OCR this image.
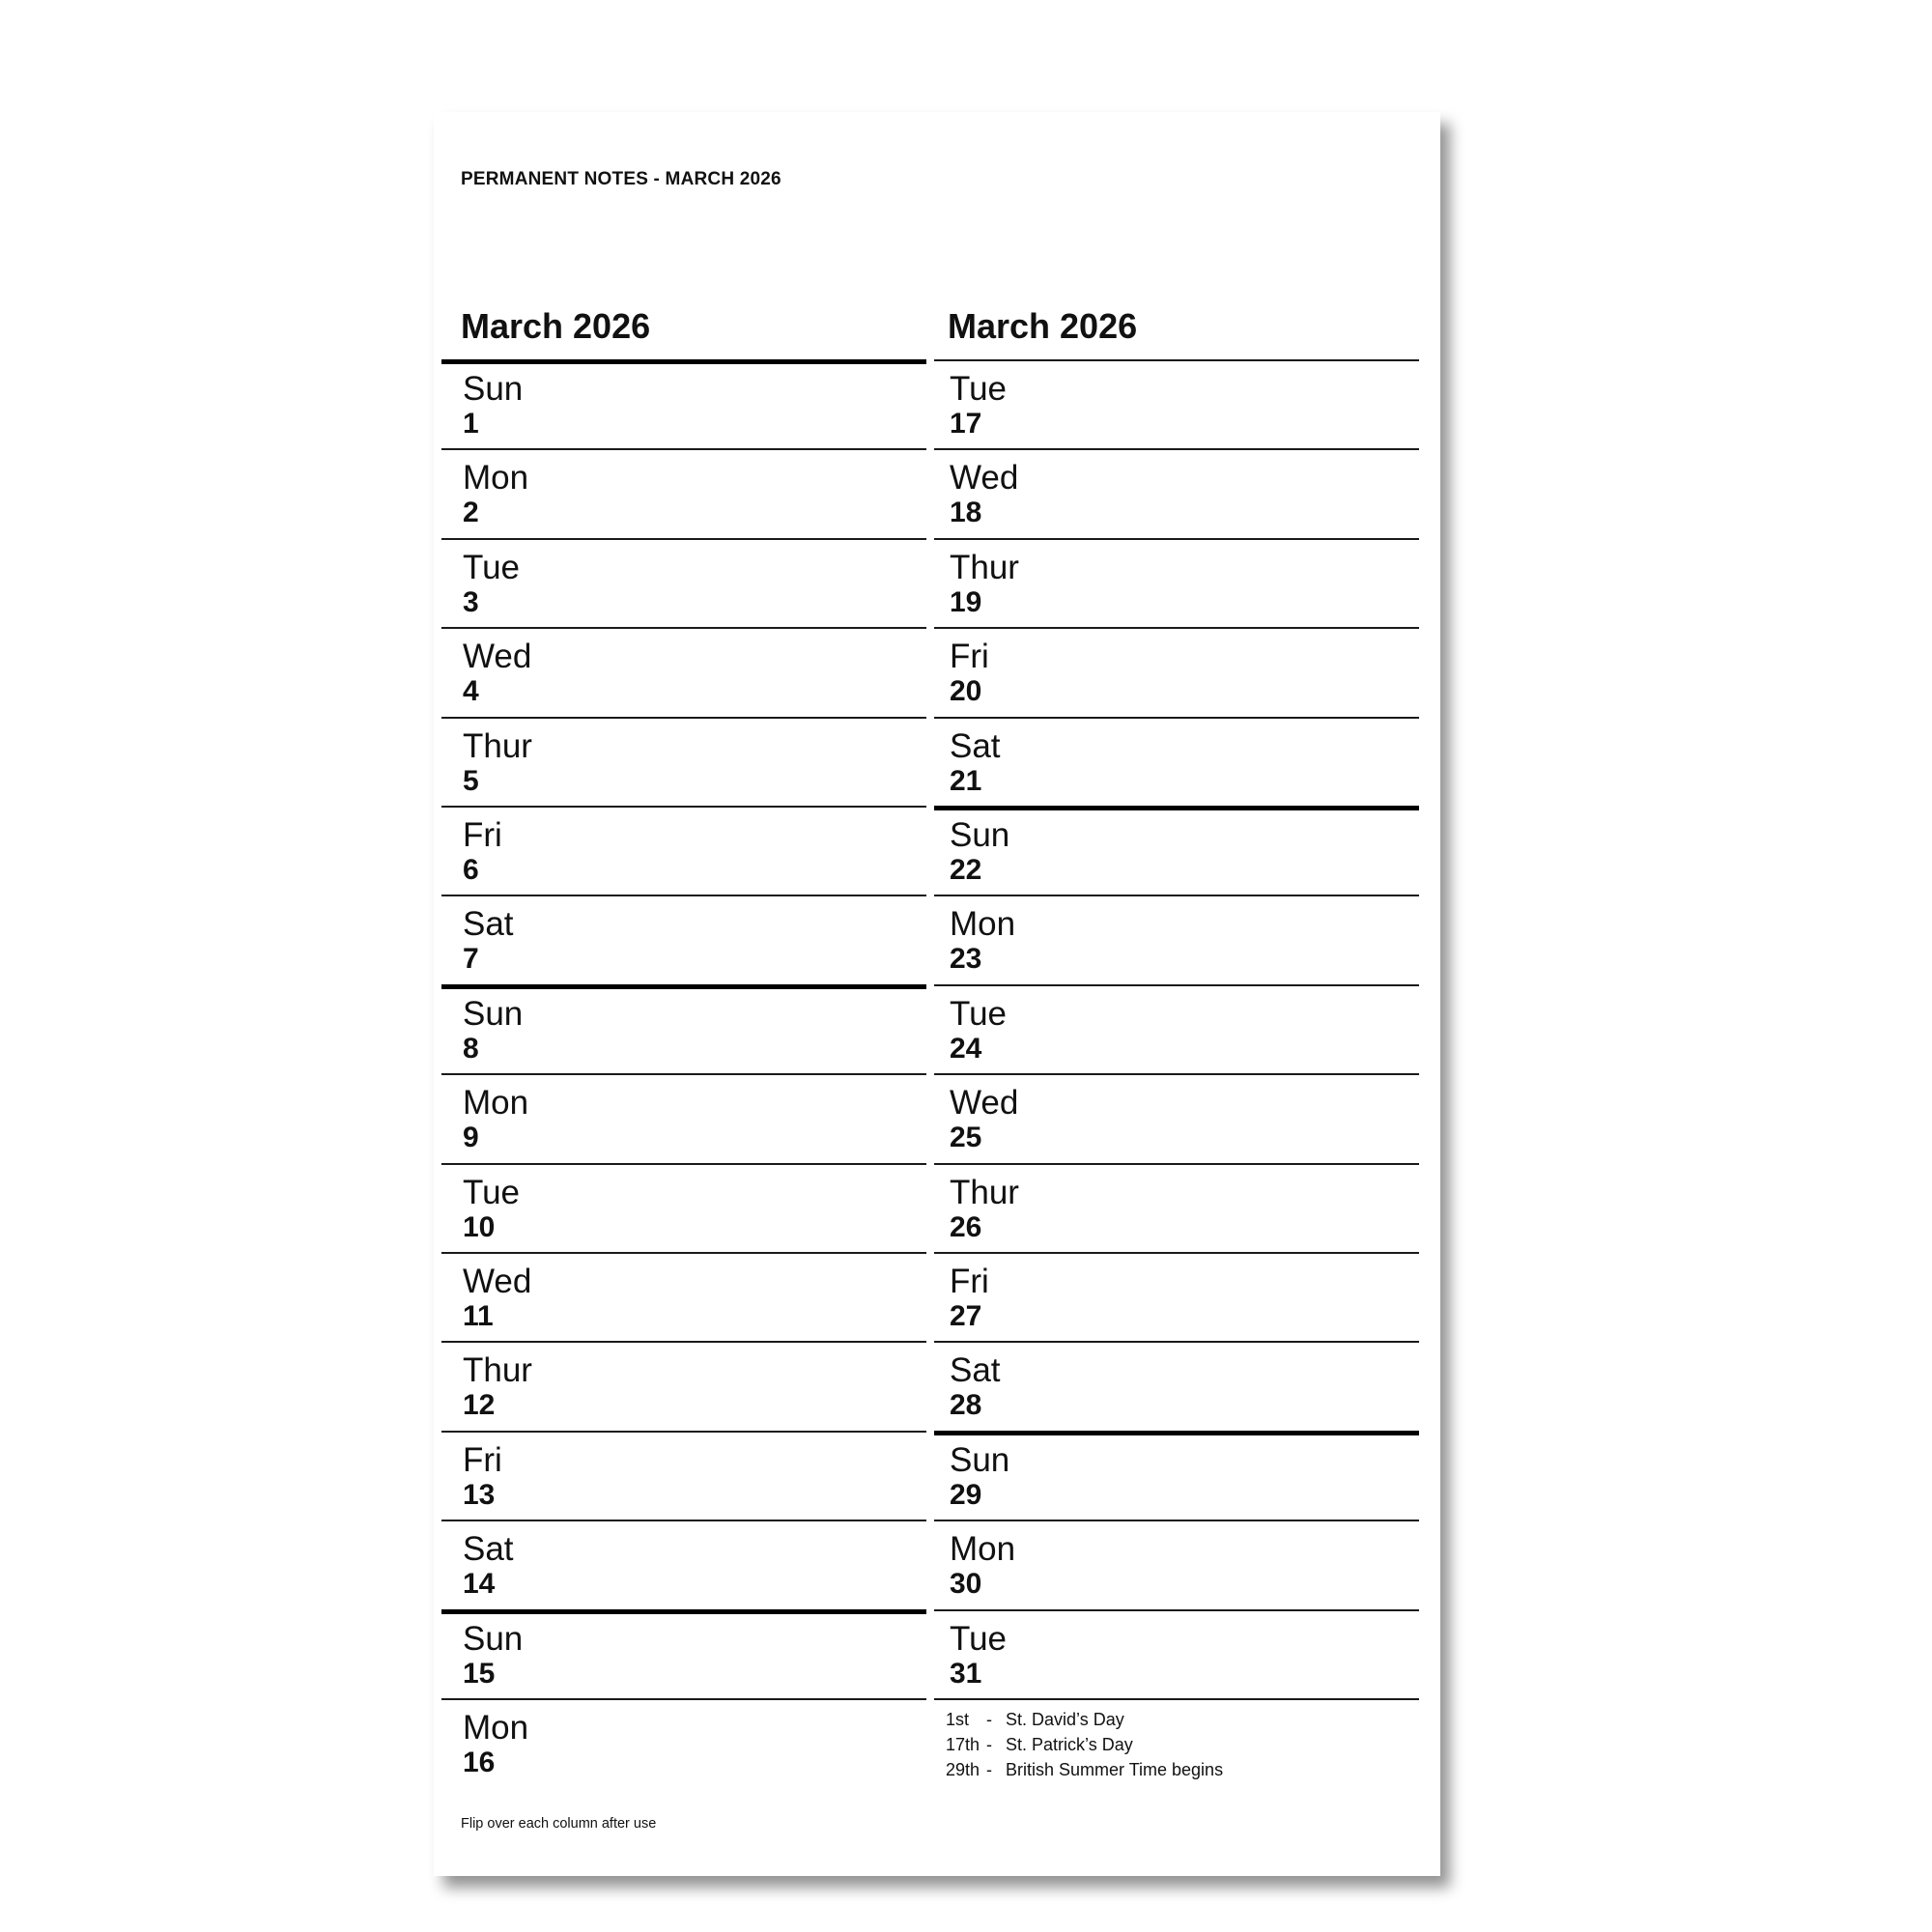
PERMANENT NOTES - MARCH 2026
March 2026	March 2026
Sun
1
Mon
2
Tue
3
Wed
4
Thur
5
Fri
6
Sat
7
Sun
8
Mon
9
Tue
10
Wed
11
Thur
12
Fri
13
Sat
14
Sun
15
Mon
16
Tue
17
Wed
18
Thur
19
Fri
20
Sat
21
Sun
22
Mon
23
Tue
24
Wed
25
Thur
26
Fri
27
Sat
28
Sun
29
Mon
30
Tue
31
1st - St. David’s Day
17th - St. Patrick’s Day
29th - British Summer Time begins
Flip over each column after use
